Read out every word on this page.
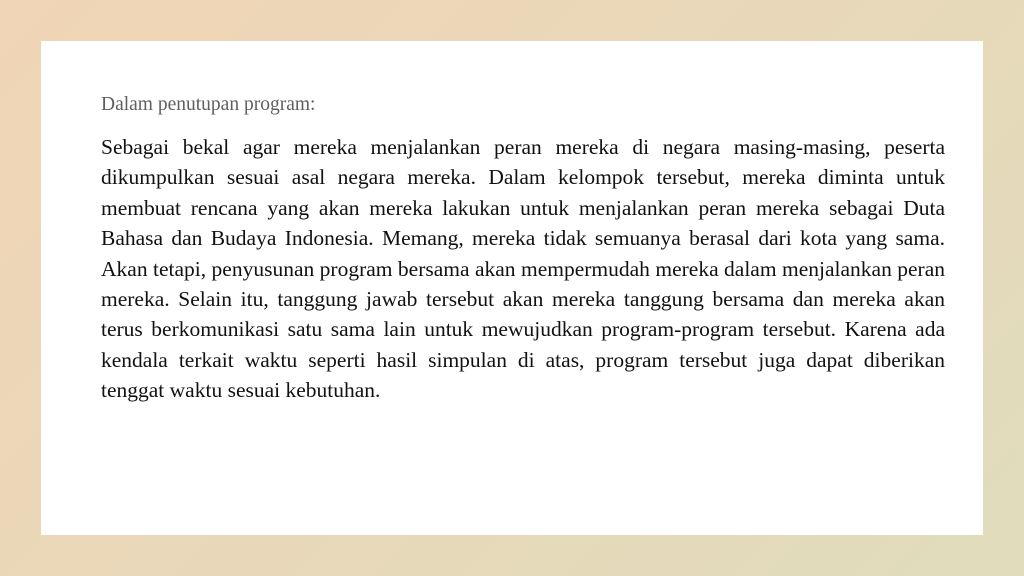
Dalam penutupan program:

Sebagai bekal agar mereka menjalankan peran mereka di negara masing-masing, peserta dikumpulkan sesuai asal negara mereka. Dalam kelompok tersebut, mereka diminta untuk membuat rencana yang akan mereka lakukan untuk menjalankan peran mereka sebagai Duta Bahasa dan Budaya Indonesia. Memang, mereka tidak semuanya berasal dari kota yang sama. Akan tetapi, penyusunan program bersama akan mempermudah mereka dalam menjalankan peran mereka. Selain itu, tanggung jawab tersebut akan mereka tanggung bersama dan mereka akan terus berkomunikasi satu sama lain untuk mewujudkan program-program tersebut. Karena ada kendala terkait waktu seperti hasil simpulan di atas, program tersebut juga dapat diberikan tenggat waktu sesuai kebutuhan.
